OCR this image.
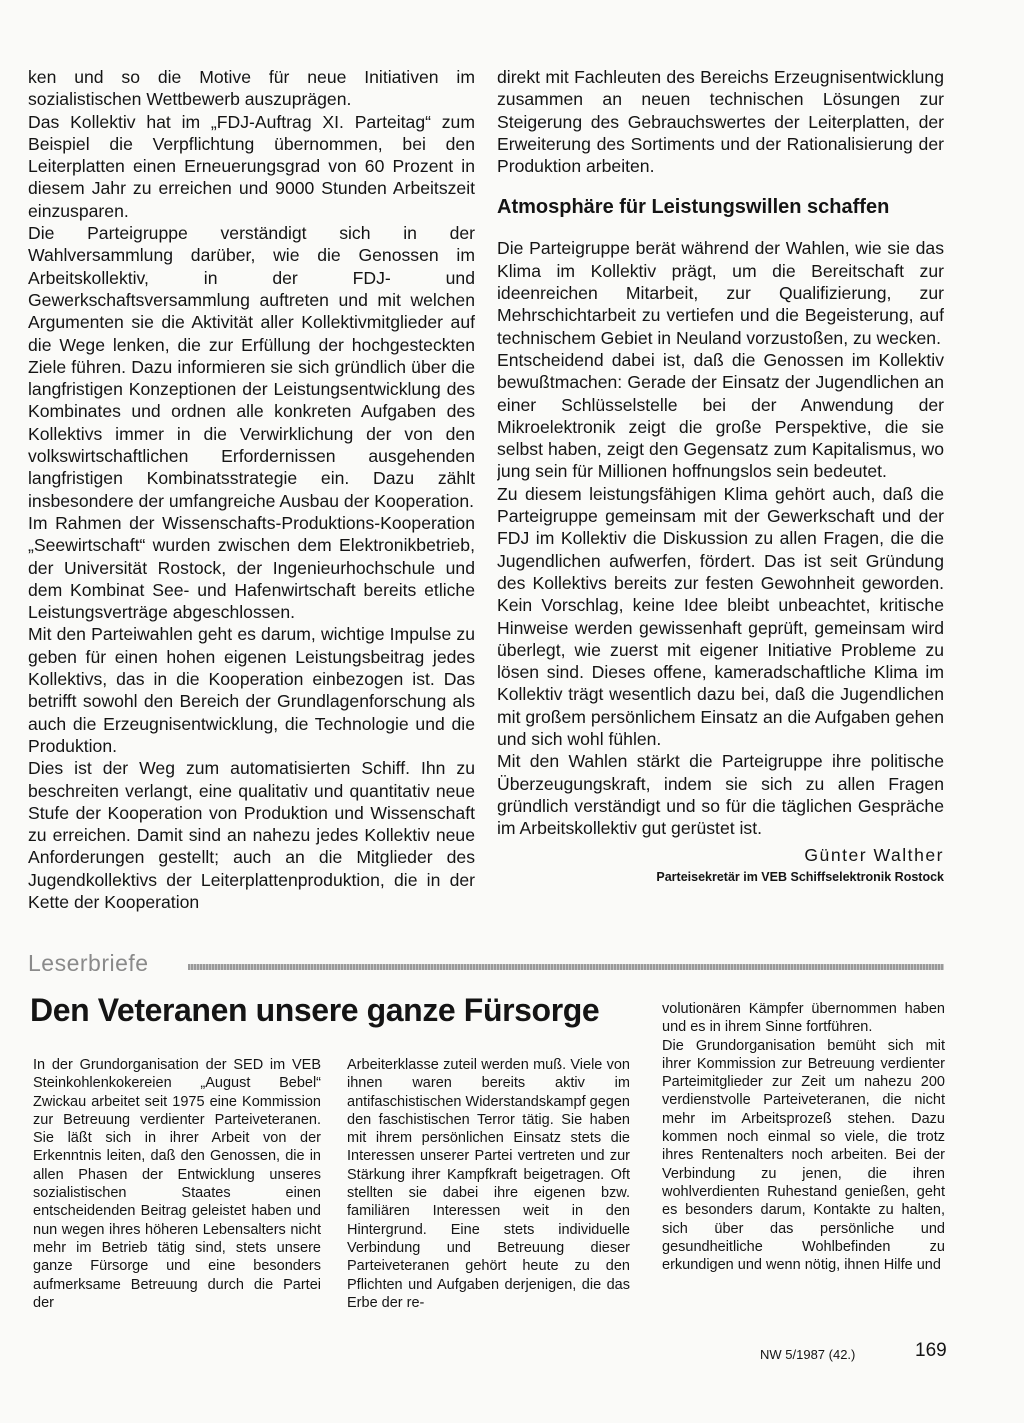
ken und so die Motive für neue Initiativen im sozialistischen Wettbewerb auszuprägen.

Das Kollektiv hat im „FDJ-Auftrag XI. Parteitag“ zum Beispiel die Verpflichtung übernommen, bei den Leiterplatten einen Erneuerungsgrad von 60 Prozent in diesem Jahr zu erreichen und 9000 Stunden Arbeitszeit einzusparen.

Die Parteigruppe verständigt sich in der Wahlversammlung darüber, wie die Genossen im Arbeitskollektiv, in der FDJ- und Gewerkschaftsversammlung auftreten und mit welchen Argumenten sie die Aktivität aller Kollektivmitglieder auf die Wege lenken, die zur Erfüllung der hochgesteckten Ziele führen. Dazu informieren sie sich gründlich über die langfristigen Konzeptionen der Leistungsentwicklung des Kombinates und ordnen alle konkreten Aufgaben des Kollektivs immer in die Verwirklichung der von den volkswirtschaftlichen Erfordernissen ausgehenden langfristigen Kombinatsstrategie ein. Dazu zählt insbesondere der umfangreiche Ausbau der Kooperation.

Im Rahmen der Wissenschafts-Produktions-Kooperation „Seewirtschaft“ wurden zwischen dem Elektronikbetrieb, der Universität Rostock, der Ingenieurhochschule und dem Kombinat See- und Hafenwirtschaft bereits etliche Leistungsverträge abgeschlossen.

Mit den Parteiwahlen geht es darum, wichtige Impulse zu geben für einen hohen eigenen Leistungsbeitrag jedes Kollektivs, das in die Kooperation einbezogen ist. Das betrifft sowohl den Bereich der Grundlagenforschung als auch die Erzeugnisentwicklung, die Technologie und die Produktion.

Dies ist der Weg zum automatisierten Schiff. Ihn zu beschreiten verlangt, eine qualitativ und quantitativ neue Stufe der Kooperation von Produktion und Wissenschaft zu erreichen. Damit sind an nahezu jedes Kollektiv neue Anforderungen gestellt; auch an die Mitglieder des Jugendkollektivs der Leiterplattenproduktion, die in der Kette der Kooperation

direkt mit Fachleuten des Bereichs Erzeugnisentwicklung zusammen an neuen technischen Lösungen zur Steigerung des Gebrauchswertes der Leiterplatten, der Erweiterung des Sortiments und der Rationalisierung der Produktion arbeiten.

Atmosphäre für Leistungswillen schaffen

Die Parteigruppe berät während der Wahlen, wie sie das Klima im Kollektiv prägt, um die Bereitschaft zur ideenreichen Mitarbeit, zur Qualifizierung, zur Mehrschichtarbeit zu vertiefen und die Begeisterung, auf technischem Gebiet in Neuland vorzustoßen, zu wecken.

Entscheidend dabei ist, daß die Genossen im Kollektiv bewußtmachen: Gerade der Einsatz der Jugendlichen an einer Schlüsselstelle bei der Anwendung der Mikroelektronik zeigt die große Perspektive, die sie selbst haben, zeigt den Gegensatz zum Kapitalismus, wo jung sein für Millionen hoffnungslos sein bedeutet.

Zu diesem leistungsfähigen Klima gehört auch, daß die Parteigruppe gemeinsam mit der Gewerkschaft und der FDJ im Kollektiv die Diskussion zu allen Fragen, die die Jugendlichen aufwerfen, fördert. Das ist seit Gründung des Kollektivs bereits zur festen Gewohnheit geworden. Kein Vorschlag, keine Idee bleibt unbeachtet, kritische Hinweise werden gewissenhaft geprüft, gemeinsam wird überlegt, wie zuerst mit eigener Initiative Probleme zu lösen sind. Dieses offene, kameradschaftliche Klima im Kollektiv trägt wesentlich dazu bei, daß die Jugendlichen mit großem persönlichem Einsatz an die Aufgaben gehen und sich wohl fühlen.

Mit den Wahlen stärkt die Parteigruppe ihre politische Überzeugungskraft, indem sie sich zu allen Fragen gründlich verständigt und so für die täglichen Gespräche im Arbeitskollektiv gut gerüstet ist.

Günter Walther

Parteisekretär im VEB Schiffselektronik Rostock

Leserbriefe
Den Veteranen unsere ganze Fürsorge

In der Grundorganisation der SED im VEB Steinkohlenkokereien „August Bebel“ Zwickau arbeitet seit 1975 eine Kommission zur Betreuung verdienter Parteiveteranen. Sie läßt sich in ihrer Arbeit von der Erkenntnis leiten, daß den Genossen, die in allen Phasen der Entwicklung unseres sozialistischen Staates einen entscheidenden Beitrag geleistet haben und nun wegen ihres höheren Lebensalters nicht mehr im Betrieb tätig sind, stets unsere ganze Fürsorge und eine besonders aufmerksame Betreuung durch die Partei der

Arbeiterklasse zuteil werden muß. Viele von ihnen waren bereits aktiv im antifaschistischen Widerstandskampf gegen den faschistischen Terror tätig. Sie haben mit ihrem persönlichen Einsatz stets die Interessen unserer Partei vertreten und zur Stärkung ihrer Kampfkraft beigetragen. Oft stellten sie dabei ihre eigenen bzw. familiären Interessen weit in den Hintergrund. Eine stets individuelle Verbindung und Betreuung dieser Parteiveteranen gehört heute zu den Pflichten und Aufgaben derjenigen, die das Erbe der re-

volutionären Kämpfer übernommen haben und es in ihrem Sinne fortführen.

Die Grundorganisation bemüht sich mit ihrer Kommission zur Betreuung verdienter Parteimitglieder zur Zeit um nahezu 200 verdienstvolle Parteiveteranen, die nicht mehr im Arbeitsprozeß stehen. Dazu kommen noch einmal so viele, die trotz ihres Rentenalters noch arbeiten. Bei der Verbindung zu jenen, die ihren wohlverdienten Ruhestand genießen, geht es besonders darum, Kontakte zu halten, sich über das persönliche und gesundheitliche Wohlbefinden zu erkundigen und wenn nötig, ihnen Hilfe und

NW 5/1987 (42.)	169
